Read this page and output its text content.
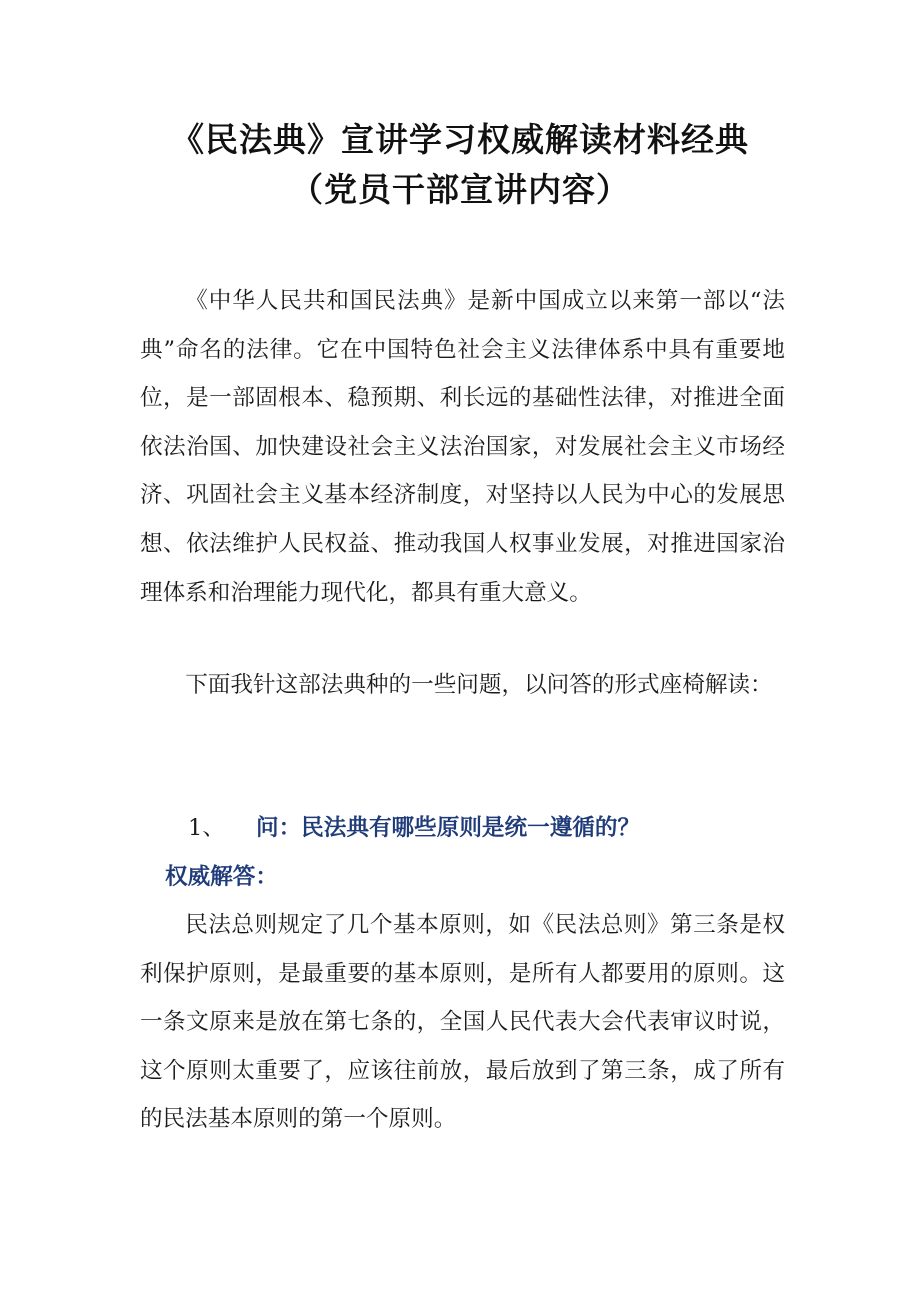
《民法典》宣讲学习权威解读材料经典
（党员干部宣讲内容）

《中华人民共和国民法典》是新中国成立以来第一部以“法典”命名的法律。它在中国特色社会主义法律体系中具有重要地位，是一部固根本、稳预期、利长远的基础性法律，对推进全面依法治国、加快建设社会主义法治国家，对发展社会主义市场经济、巩固社会主义基本经济制度，对坚持以人民为中心的发展思想、依法维护人民权益、推动我国人权事业发展，对推进国家治理体系和治理能力现代化，都具有重大意义。

下面我针这部法典种的一些问题，以问答的形式座椅解读：

1、 问：民法典有哪些原则是统一遵循的？
权威解答：

民法总则规定了几个基本原则，如《民法总则》第三条是权利保护原则，是最重要的基本原则，是所有人都要用的原则。这一条文原来是放在第七条的，全国人民代表大会代表审议时说，这个原则太重要了，应该往前放，最后放到了第三条，成了所有的民法基本原则的第一个原则。
